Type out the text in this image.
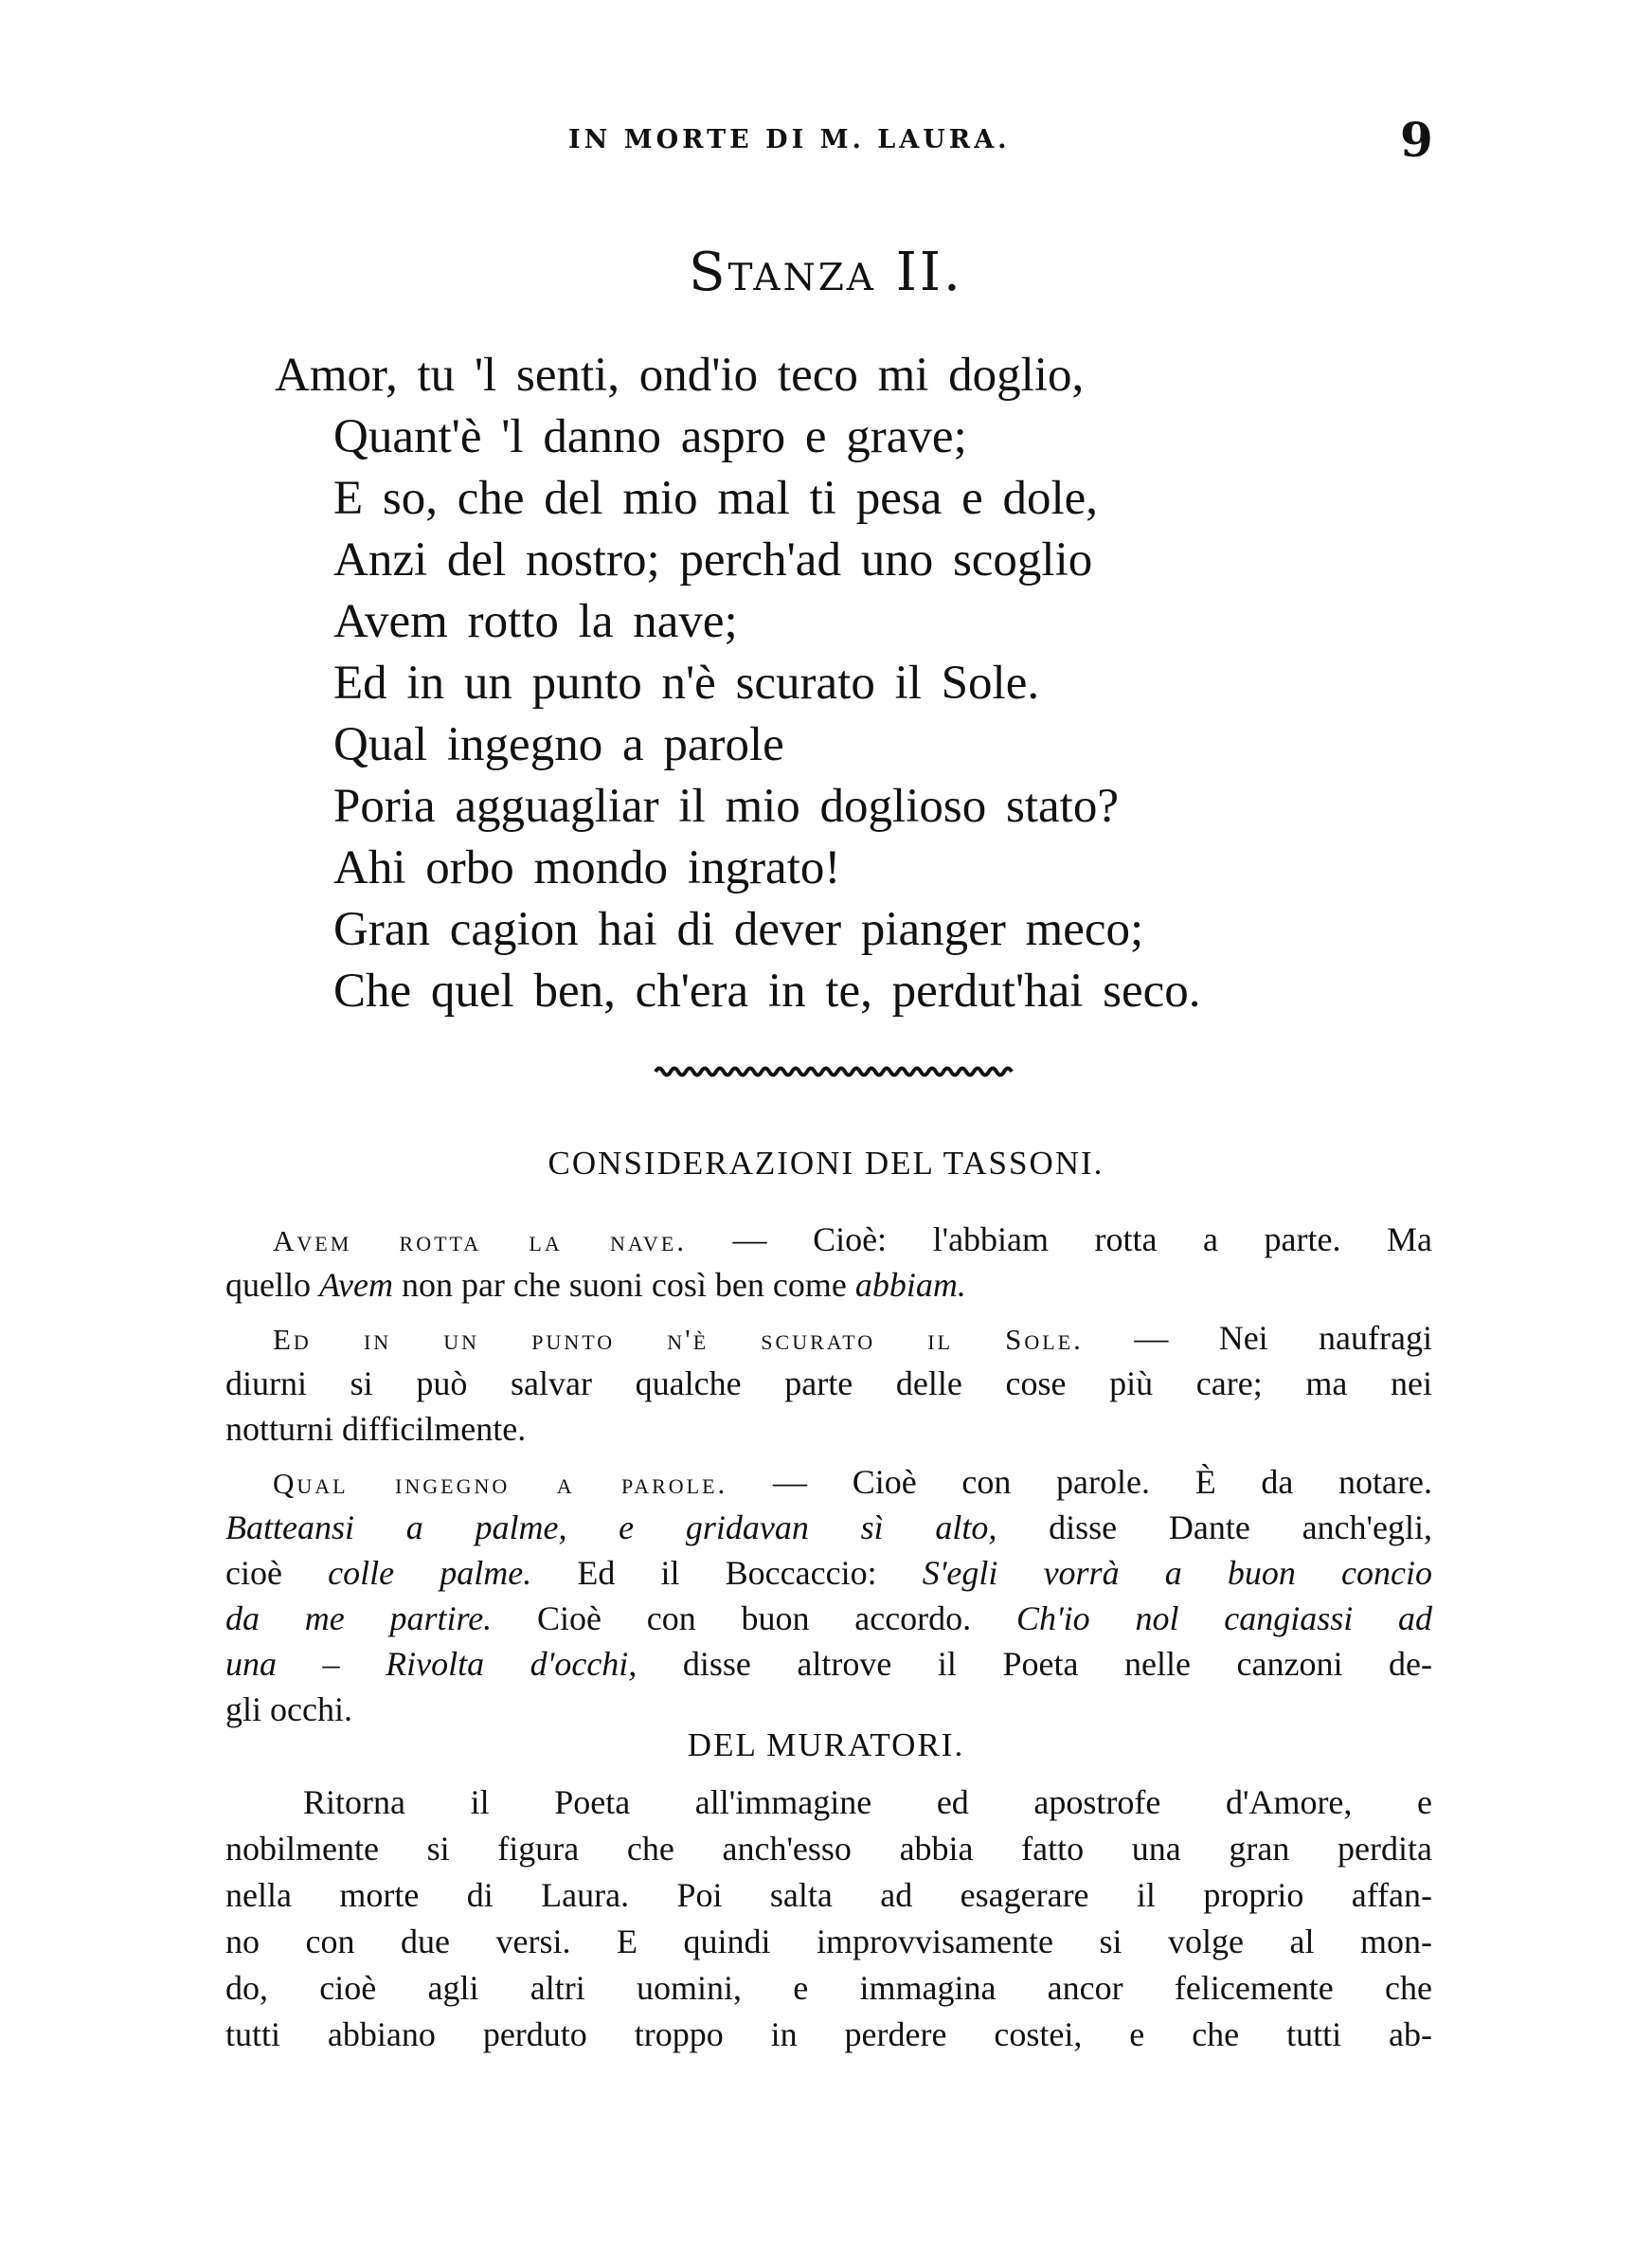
IN MORTE DI M. LAURA.	9
Stanza II.
Amor, tu 'l senti, ond'io teco mi doglio,
Quant'è 'l danno aspro e grave;
E so, che del mio mal ti pesa e dole,
Anzi del nostro; perch'ad uno scoglio
Avem rotto la nave;
Ed in un punto n'è scurato il Sole.
Qual ingegno a parole
Poria agguagliar il mio doglioso stato?
Ahi orbo mondo ingrato!
Gran cagion hai di dever pianger meco;
Che quel ben, ch'era in te, perdut'hai seco.
CONSIDERAZIONI DEL TASSONI.

Avem rotta la nave. — Cioè: l'abbiam rotta a parte. Ma
quello Avem non par che suoni così ben come abbiam.

Ed in un punto n'è scurato il Sole. — Nei naufragi
diurni si può salvar qualche parte delle cose più care; ma nei
notturni difficilmente.

Qual ingegno a parole. — Cioè con parole. È da notare.
Batteansi a palme, e gridavan sì alto, disse Dante anch'egli,
cioè colle palme. Ed il Boccaccio: S'egli vorrà a buon concio
da me partire. Cioè con buon accordo. Ch'io nol cangiassi ad
una – Rivolta d'occhi, disse altrove il Poeta nelle canzoni de-
gli occhi.

DEL MURATORI.

Ritorna il Poeta all'immagine ed apostrofe d'Amore, e
nobilmente si figura che anch'esso abbia fatto una gran perdita
nella morte di Laura. Poi salta ad esagerare il proprio affan-
no con due versi. E quindi improvvisamente si volge al mon-
do, cioè agli altri uomini, e immagina ancor felicemente che
tutti abbiano perduto troppo in perdere costei, e che tutti ab-
